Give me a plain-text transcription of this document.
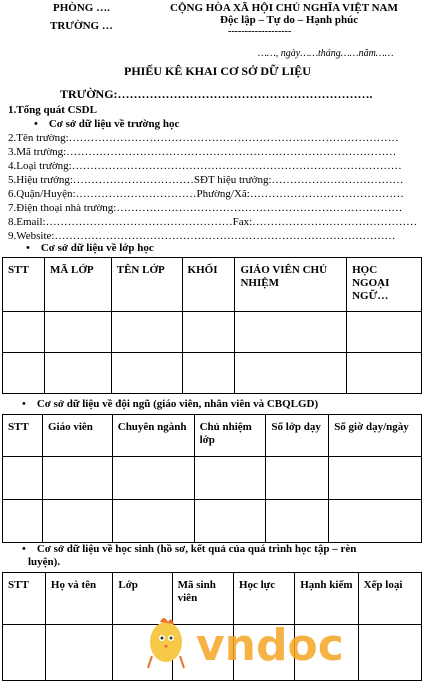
PHÒNG ….
TRƯỜNG …
CỘNG HÒA XÃ HỘI CHỦ NGHĨA VIỆT NAM
Độc lập – Tự do – Hạnh phúc
-------------------
……, ngày……tháng……năm……
PHIẾU KÊ KHAI CƠ SỞ DỮ LIỆU
TRƯỜNG:……………………………………………………….
1.Tổng quát CSDL
• Cơ sở dữ liệu về trường học
2.Tên trường:………………………………………………………………………………
3.Mã trường:………………………………………………………………………………
4.Loại trường:………………………………………………………………………………
5.Hiệu trưởng:……………………………SĐT hiệu trưởng:………………………………
6.Quận/Huyện:……………………………Phường/Xã:……………………………………
7.Điện thoại nhà trường:……………………………………………………………………
8.Email:……………………………………………Fax:………………………………………
9.Website:…………………………………………………………………………………
• Cơ sở dữ liệu về lớp học
STT	MÃ LỚP	TÊN LỚP	KHỐI	GIÁO VIÊN CHỦ NHIỆM	HỌC NGOẠI NGỮ…

• Cơ sở dữ liệu về đội ngũ (giáo viên, nhân viên và CBQLGD)
STT	Giáo viên	Chuyên ngành	Chủ nhiệm lớp	Số lớp dạy	Số giờ dạy/ngày

• Cơ sở dữ liệu về học sinh (hồ sơ, kết quả của quá trình học tập – rèn
luyện).
STT	Họ và tên	Lớp	Mã sinh viên	Học lực	Hạnh kiểm	Xếp loại

vndoc
